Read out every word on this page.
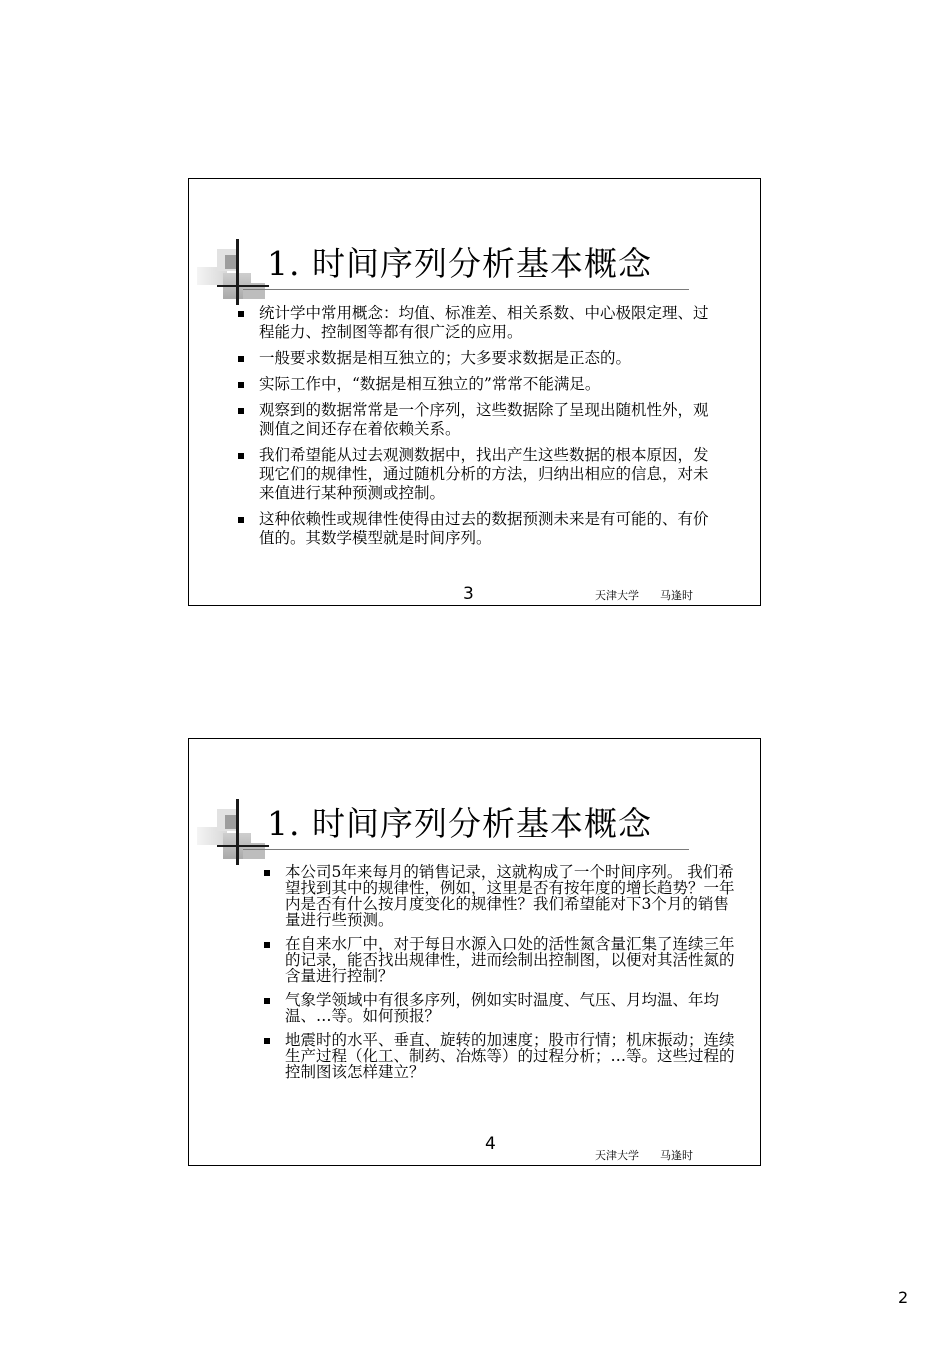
1. 时间序列分析基本概念
统计学中常用概念：均值、标准差、相关系数、中心极限定理、过程能力、控制图等都有很广泛的应用。
一般要求数据是相互独立的；大多要求数据是正态的。
实际工作中，“数据是相互独立的”常常不能满足。
观察到的数据常常是一个序列，这些数据除了呈现出随机性外，观测值之间还存在着依赖关系。
我们希望能从过去观测数据中，找出产生这些数据的根本原因，发现它们的规律性，通过随机分析的方法，归纳出相应的信息，对未来值进行某种预测或控制。
这种依赖性或规律性使得由过去的数据预测未来是有可能的、有价值的。其数学模型就是时间序列。
3	天津大学      马逢时
1. 时间序列分析基本概念
本公司5年来每月的销售记录，这就构成了一个时间序列。 我们希望找到其中的规律性，例如，这里是否有按年度的增长趋势？一年内是否有什么按月度变化的规律性？我们希望能对下3个月的销售量进行些预测。
在自来水厂中，对于每日水源入口处的活性氮含量汇集了连续三年的记录，能否找出规律性，进而绘制出控制图，以便对其活性氮的含量进行控制？
气象学领域中有很多序列，例如实时温度、气压、月均温、年均温、…等。如何预报？
地震时的水平、垂直、旋转的加速度；股市行情；机床振动；连续生产过程（化工、制药、冶炼等）的过程分析；…等。这些过程的控制图该怎样建立？
4
天津大学      马逢时
2
